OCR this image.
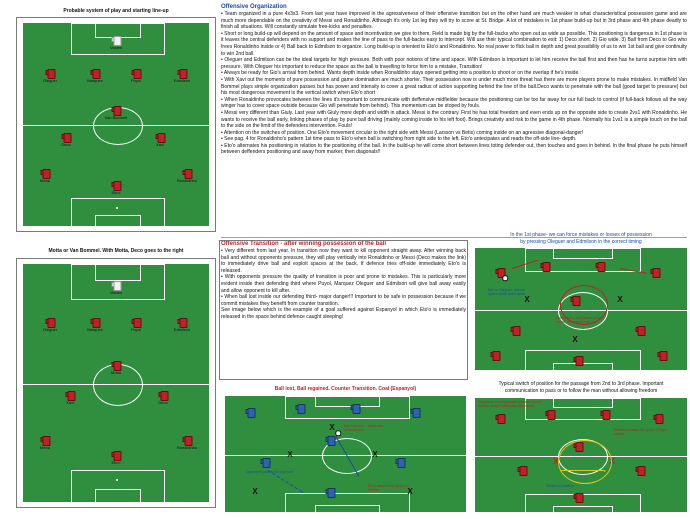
Probable system of play and starting line-up
Valdes
Oleguer	Marquez	Puyol	Edmilson
Van Bommel
Deco	Xavi
Messi
Eto'o
Ronaldinho
Motta or Van Bommel. With Motta, Deco goes to the right
Valdes
Oleguer	Marquez	Puyol	Edmilson
Motta
Xavi	Deco
Messi
Eto'o
Ronaldinho
Offensive Organization
• Team organized in a pure 4x3x3. From last year have improved in the agressiveness of their offensive transition but on the other hand are much weaker in what characteristical possession game and are much more dependable on the creativity of Messi and Ronaldinho. Although it's only 1st leg they will try to score at St. Bridge. A lot of mistakes in 1st phase build-up but in 3rd phase and 4th phase deadly to finish all situations. Will constantly simulate free-kicks and penalties.
• Short or long build-up will depend on the amount of space and incentivation we give to them. Field is made big by the full-backs who open out as wide as possible. This positioning is dangerous in 1st phase is it leaves the central defenders with no support and makes the line of pass to the full-backs easy to intercept. Will use their typical combination to exit: 1) Deco short. 2) Gio wide. 3) Ball from Deco to Gio who frees Ronaldinho inside or 4) Ball back to Edmilson to organize. Long build-up is oriented to Eto'o and Ronaldinho. No real power to flick ball in depth and great possibility of us to win 1st ball and give continuity to win 2nd ball.
• Oleguer and Edmilson can be the ideal targets for high pressure. Both with poor notions of time and space. With Edmilson is important to let him receive the ball first and then has he turns surprise him with pressure. With Oleguer his important to reduce the space as the ball is travelling to force him to a mistake, Transition!
• Always be ready for Gio's arrival from behind. Wants depth inside when Ronaldinho stays opened getting into a position to shoot or on the overlap if he's inside.
• With Xavi out the moments of pure possession and game domination are much shorter. Their possession now is under much more threat has there are more players prone to make mistakes. In midfield Van Bommel plays simple organization passes but has power and intensity to cover a great radius of action supporting behind the line of the ball.Deco wants to penetrate with the ball (good target to pressure) but his most dangerous movement is the vertical switch when Eto'o short
• When Ronaldinho provocates between the lines it's important to communicate with deffensive midfielder because the positioning can be too far away for our full back to control (if full-back follows all the way winger has to cover space outside because Gio will penetrate from behind). This momentum can be stoped by fouls.
• Messi very different than Giuly. Last year with Giuly more depth and width in attack. Messi is the contrary. First he has total freedom and even ends up on the opposite side to create 2vs1 with Ronaldinho. He wants to receive the ball early, linking phases of play by pure ball driving (mainly coming inside to his left foot). Brings creativity and risk to the game in 4th phase. Normally his 1vs1 is a simple touch on the ball to the side on the limit of the defenders intervention. Fouls!
• Attention on the switches of position. One Eto'o movement circular to the right side with Messi (Larsson vs Betis) coming inside on an agressive diagonal-danger!
• See pag. 4 for Ronaldinho's pattern 1st time pass to Eto'o when ball is switching from right side to the left. Eto'o antecipates and reads the off-side line- depth.
• Eto'o alternates his positioning in relation to the positioning of the ball. In the build-up he will come short between lines toting defender out, then touches and goes in behind. In the final phase he puts himself between deffenders positioning and away from marker, then diagonals!!
Offensive Transition - after winning possession of the ball
• Very different from last year. In transition now they want to kill opponent straight away. After winning back ball and without opponents pressure, they will play vertically into Ronaldinho or Messi (Deco makes the link) to immediately drive ball and exploit spaces at the back. If defence tries off-side immediately Eto'o is released.
• With opponents pressure the quality of transition is poor and prone to mistakes. This is particularly more evident inside their defending third where Puyol, Marquez Oleguer and Edmilson will give ball away easily and allow opponent to kill after.
• When ball lost inside our defending third- major danger!!! Important to be safe in possession because if we commit mistakes they benefit from counter transition.
See image below which is the example of a goal suffered against Espanyol in which Eto'o is immediately released in the space behind defence caught sleeping!
In the 1st phase- we can force mistakes or losses of possession
by pressing Oleguer and Edmilson in the correct timing
X	X
X
Ronaldinho and Messi come inside, full-backs push up
Ball to Oleguer- reduce space while ball travels
Ball lost, Ball regained. Counter Transition. Coal (Espanyol)
X	X
X
X	X
Opponent pushed in own half
Ball lost here - immediate vertical pass
Eto'o attacks the space in behind
Typical switch of position for the passage from 2nd to 3rd phase. Important
communication to pass or to follow the man without allowing freedom
X	X
Opponent communicates/passes him to another player (diffusely ball below)
Edmilson inside the game / Puyol covers
Switch of position
